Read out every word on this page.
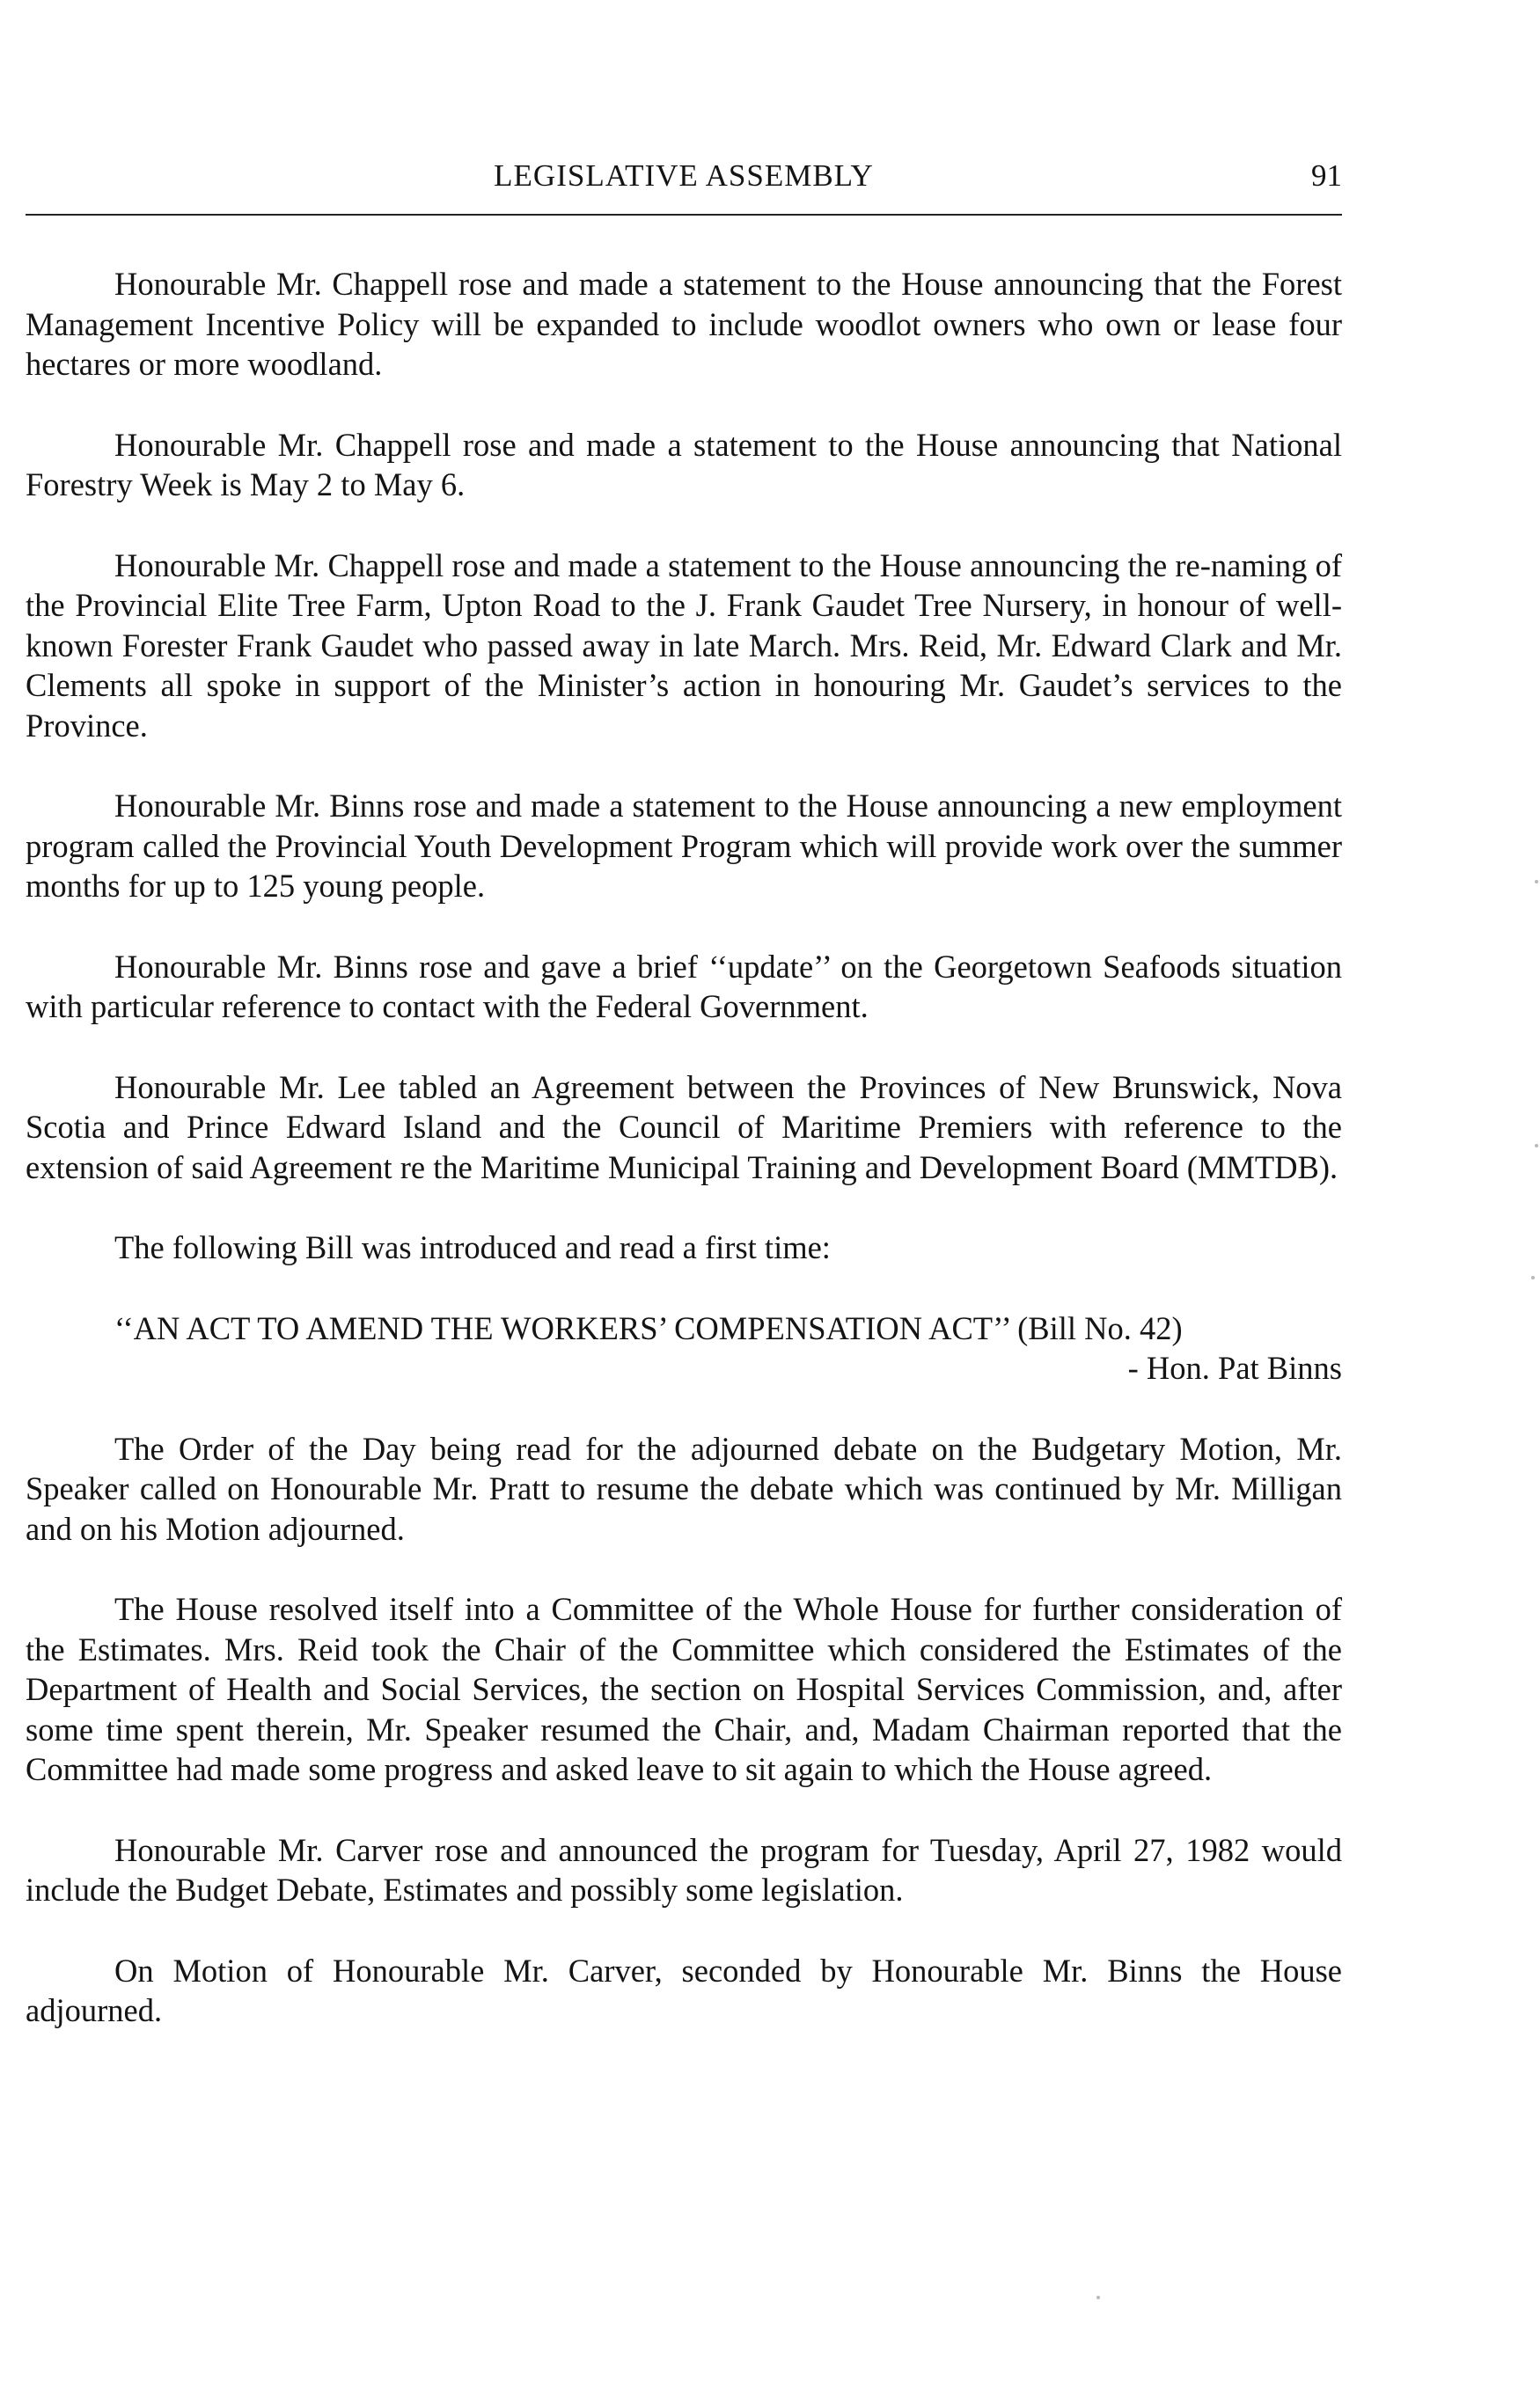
LEGISLATIVE ASSEMBLY	91

Honourable Mr. Chappell rose and made a statement to the House announcing that the Forest Management Incentive Policy will be expanded to include woodlot owners who own or lease four hectares or more woodland.

Honourable Mr. Chappell rose and made a statement to the House announcing that National Forestry Week is May 2 to May 6.

Honourable Mr. Chappell rose and made a statement to the House announcing the re-naming of the Provincial Elite Tree Farm, Upton Road to the J. Frank Gaudet Tree Nursery, in honour of well-known Forester Frank Gaudet who passed away in late March. Mrs. Reid, Mr. Edward Clark and Mr. Clements all spoke in support of the Minister’s action in honouring Mr. Gaudet’s services to the Province.

Honourable Mr. Binns rose and made a statement to the House announcing a new employment program called the Provincial Youth Development Program which will provide work over the summer months for up to 125 young people.

Honourable Mr. Binns rose and gave a brief ‘‘update’’ on the Georgetown Seafoods situation with particular reference to contact with the Federal Government.

Honourable Mr. Lee tabled an Agreement between the Provinces of New Brunswick, Nova Scotia and Prince Edward Island and the Council of Maritime Premiers with reference to the extension of said Agreement re the Maritime Municipal Training and Development Board (MMTDB).

The following Bill was introduced and read a first time:

‘‘AN ACT TO AMEND THE WORKERS’ COMPENSATION ACT’’ (Bill No. 42)

- Hon. Pat Binns

The Order of the Day being read for the adjourned debate on the Budgetary Motion, Mr. Speaker called on Honourable Mr. Pratt to resume the debate which was continued by Mr. Milligan and on his Motion adjourned.

The House resolved itself into a Committee of the Whole House for further consideration of the Estimates. Mrs. Reid took the Chair of the Committee which considered the Estimates of the Department of Health and Social Services, the section on Hospital Services Commission, and, after some time spent therein, Mr. Speaker resumed the Chair, and, Madam Chairman reported that the Committee had made some progress and asked leave to sit again to which the House agreed.

Honourable Mr. Carver rose and announced the program for Tuesday, April 27, 1982 would include the Budget Debate, Estimates and possibly some legislation.

On Motion of Honourable Mr. Carver, seconded by Honourable Mr. Binns the House adjourned.
